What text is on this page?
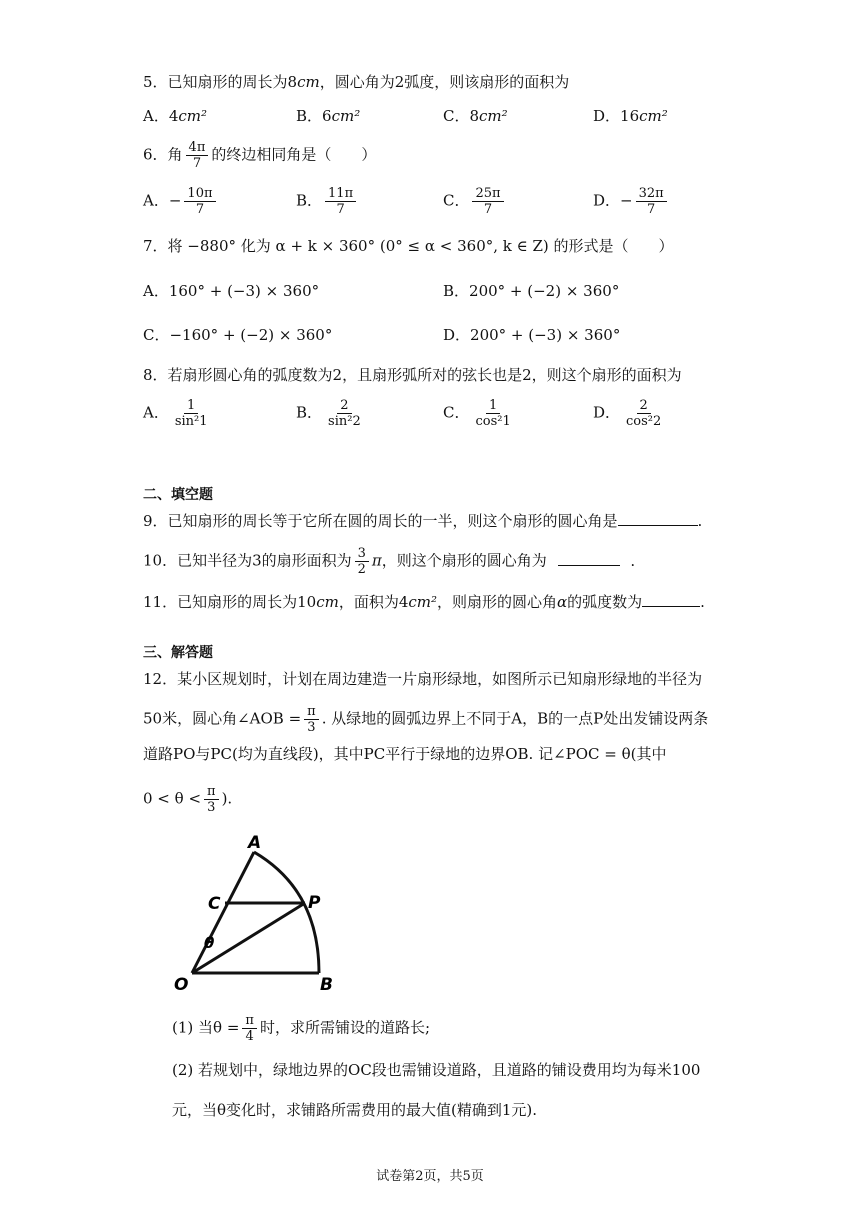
5．已知扇形的周长为8cm，圆心角为2弧度，则该扇形的面积为
A．4cm²	B．6cm²	C．8cm²	D．16cm²
6．角 $\frac{4\pi}{7}$ 的终边相同角是（　　）
A．− $\frac{10\pi}{7}$	B． $\frac{11\pi}{7}$	C． $\frac{25\pi}{7}$	D．− $\frac{32\pi}{7}$
7．将 −880° 化为 α + k × 360° (0° ≤ α < 360°, k ∈ Z) 的形式是（　　）
A．160° + (−3) × 360°	B．200° + (−2) × 360°
C．−160° + (−2) × 360°	D．200° + (−3) × 360°
8．若扇形圆心角的弧度数为2，且扇形弧所对的弦长也是2，则这个扇形的面积为
A． $\frac{1}{\text{sin²1}}$	B． $\frac{2}{\text{sin²2}}$	C． $\frac{1}{\text{cos²1}}$	D． $\frac{2}{\text{cos²2}}$
二、填空题
9．已知扇形的周长等于它所在圆的周长的一半，则这个扇形的圆心角是	.
10．已知半径为3的扇形面积为 $\frac{3}{2}$ π，则这个扇形的圆心角为	.
11．已知扇形的周长为10cm，面积为4cm²，则扇形的圆心角α的弧度数为	.
三、解答题
12．某小区规划时，计划在周边建造一片扇形绿地，如图所示已知扇形绿地的半径为
50米，圆心角∠AOB = $\frac{\pi}{3}$ . 从绿地的圆弧边界上不同于A，B的一点P处出发铺设两条
道路PO与PC(均为直线段)，其中PC平行于绿地的边界OB. 记∠POC = θ(其中
$0 < \theta < \frac{\pi}{3}$ ).
A
C	P
θ
O	B
(1) 当$\theta = \frac{\pi}{4}$ 时，求所需铺设的道路长;
(2) 若规划中，绿地边界的OC段也需铺设道路，且道路的铺设费用均为每米100
元，当θ变化时，求铺路所需费用的最大值(精确到1元).
试卷第2页，共5页
